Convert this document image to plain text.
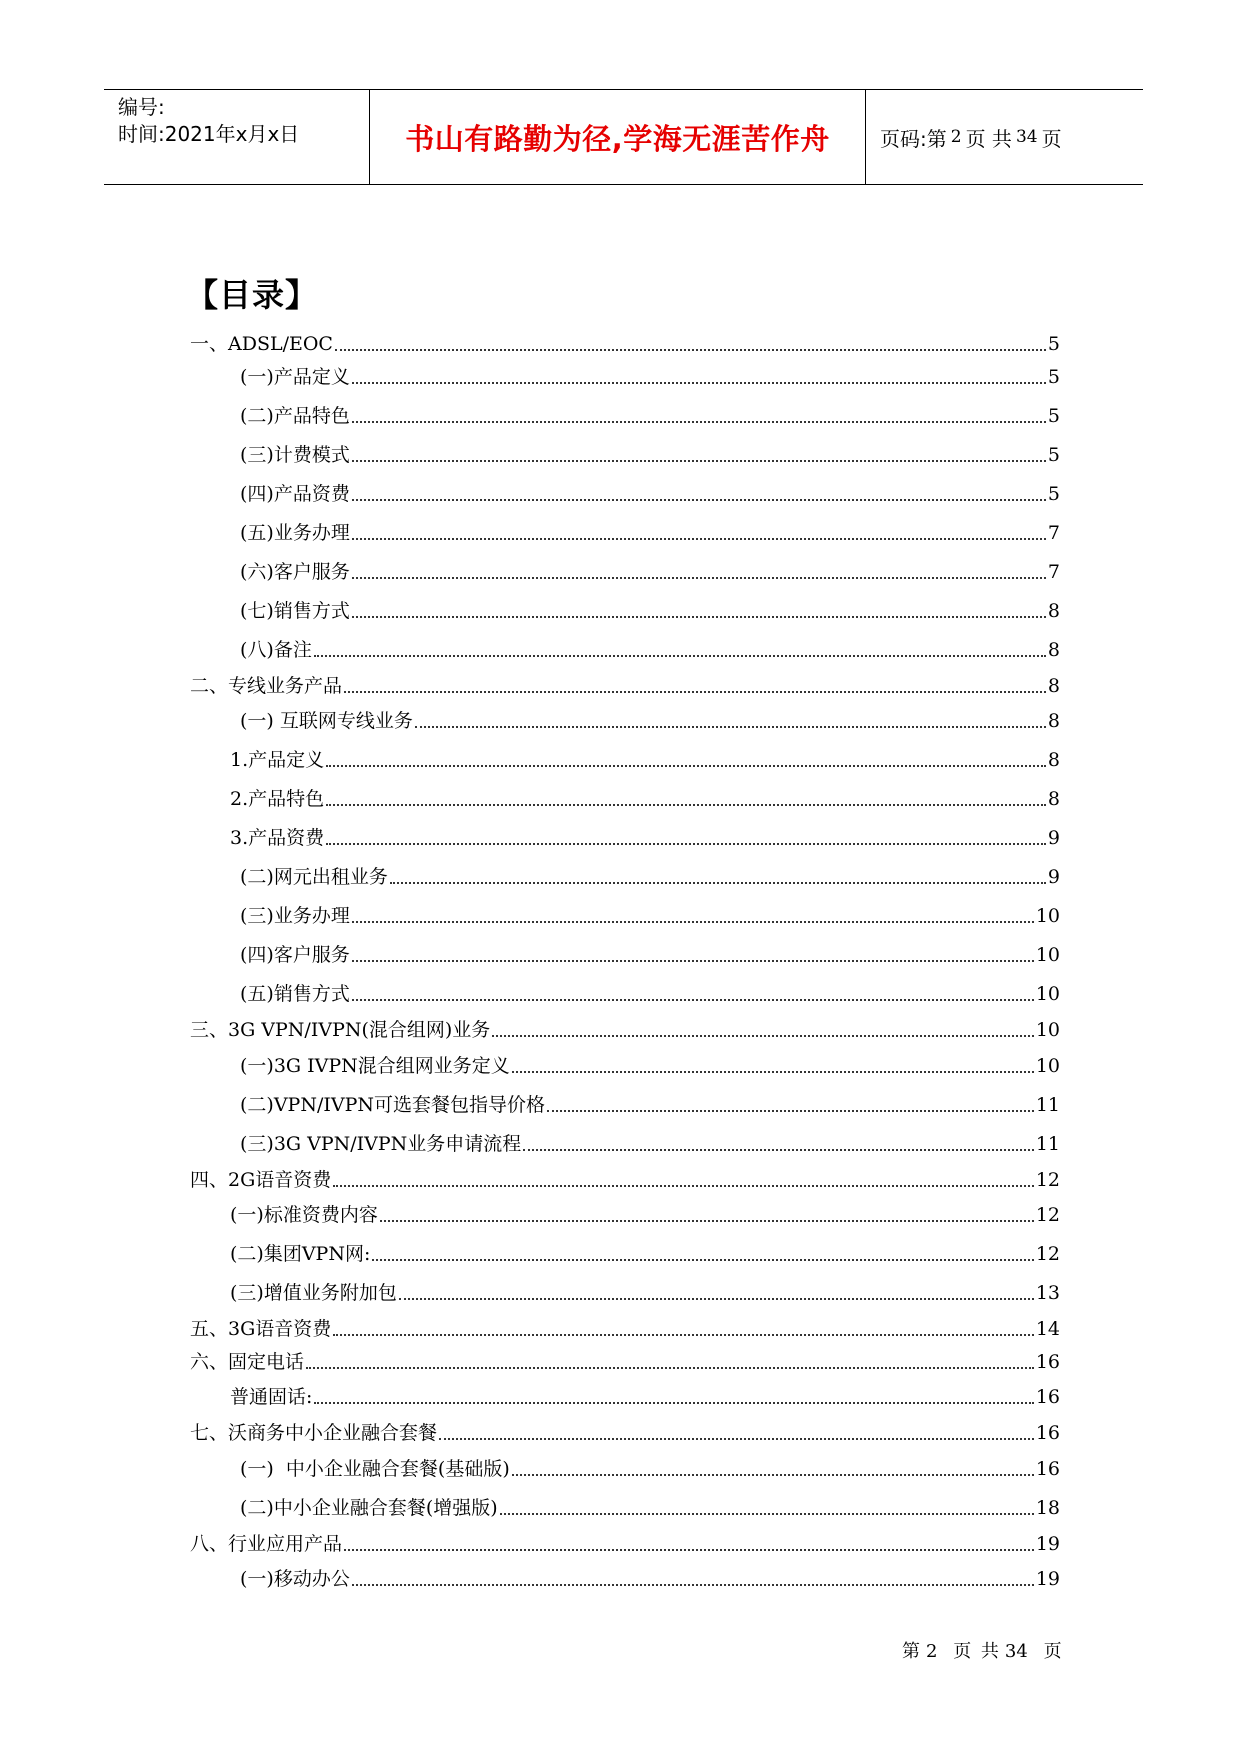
编号:
时间:2021年x月x日	书山有路勤为径,学海无涯苦作舟	页码:第 2 页 共 34 页
【目录】
一、ADSL/EOC	5
(一)产品定义	5
(二)产品特色	5
(三)计费模式	5
(四)产品资费	5
(五)业务办理	7
(六)客户服务	7
(七)销售方式	8
(八)备注	8
二、专线业务产品	8
(一) 互联网专线业务	8
1.产品定义	8
2.产品特色	8
3.产品资费	9
(二)网元出租业务	9
(三)业务办理	10
(四)客户服务	10
(五)销售方式	10
三、3G VPN/IVPN(混合组网)业务	10
(一)3G IVPN混合组网业务定义	10
(二)VPN/IVPN可选套餐包指导价格	11
(三)3G VPN/IVPN业务申请流程	11
四、2G语音资费	12
(一)标准资费内容	12
(二)集团VPN网:	12
(三)增值业务附加包	13
五、3G语音资费	14
六、固定电话	16
普通固话:	16
七、沃商务中小企业融合套餐	16
(一)  中小企业融合套餐(基础版)	16
(二)中小企业融合套餐(增强版)	18
八、行业应用产品	19
(一)移动办公	19
第 2 页 共 34 页
